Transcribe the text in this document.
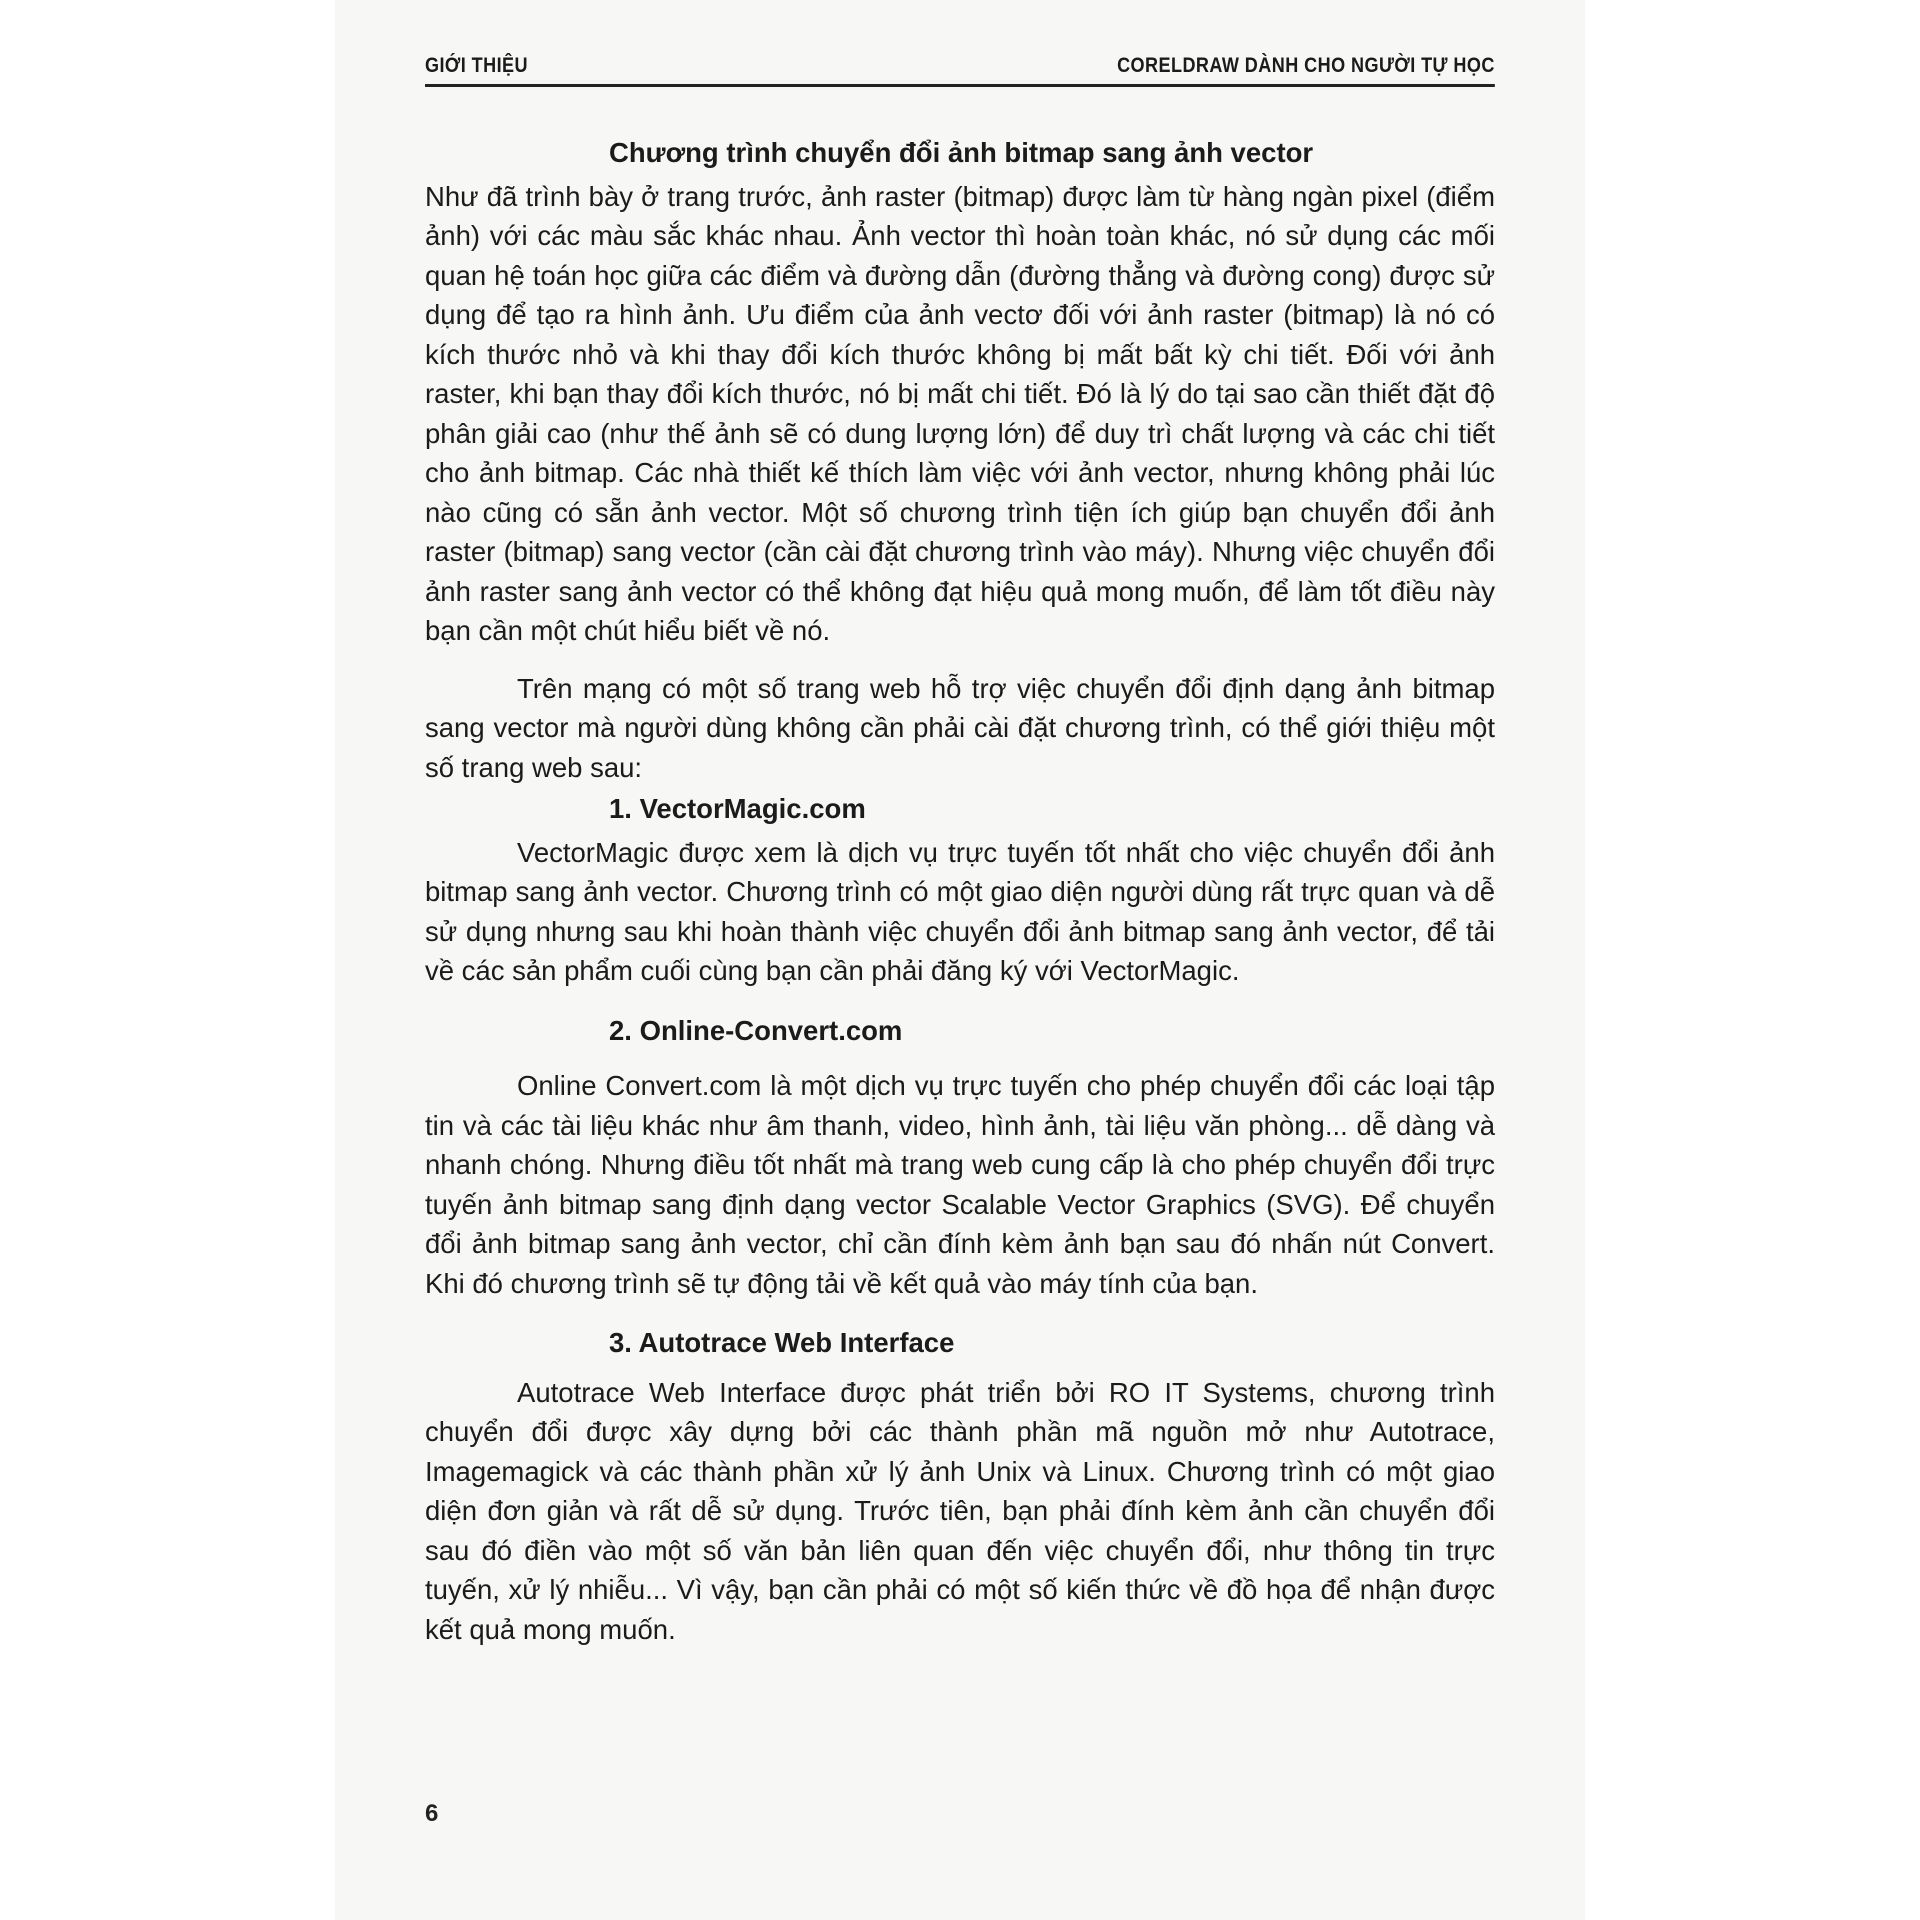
GIỚI THIỆU	CORELDRAW DÀNH CHO NGƯỜI TỰ HỌC

Chương trình chuyển đổi ảnh bitmap sang ảnh vector

Như đã trình bày ở trang trước, ảnh raster (bitmap) được làm từ hàng ngàn pixel (điểm ảnh) với các màu sắc khác nhau. Ảnh vector thì hoàn toàn khác, nó sử dụng các mối quan hệ toán học giữa các điểm và đường dẫn (đường thẳng và đường cong) được sử dụng để tạo ra hình ảnh. Ưu điểm của ảnh vectơ đối với ảnh raster (bitmap) là nó có kích thước nhỏ và khi thay đổi kích thước không bị mất bất kỳ chi tiết. Đối với ảnh raster, khi bạn thay đổi kích thước, nó bị mất chi tiết. Đó là lý do tại sao cần thiết đặt độ phân giải cao (như thế ảnh sẽ có dung lượng lớn) để duy trì chất lượng và các chi tiết cho ảnh bitmap. Các nhà thiết kế thích làm việc với ảnh vector, nhưng không phải lúc nào cũng có sẵn ảnh vector. Một số chương trình tiện ích giúp bạn chuyển đổi ảnh raster (bitmap) sang vector (cần cài đặt chương trình vào máy). Nhưng việc chuyển đổi ảnh raster sang ảnh vector có thể không đạt hiệu quả mong muốn, để làm tốt điều này bạn cần một chút hiểu biết về nó.

Trên mạng có một số trang web hỗ trợ việc chuyển đổi định dạng ảnh bitmap sang vector mà người dùng không cần phải cài đặt chương trình, có thể giới thiệu một số trang web sau:

1. VectorMagic.com

VectorMagic được xem là dịch vụ trực tuyến tốt nhất cho việc chuyển đổi ảnh bitmap sang ảnh vector. Chương trình có một giao diện người dùng rất trực quan và dễ sử dụng nhưng sau khi hoàn thành việc chuyển đổi ảnh bitmap sang ảnh vector, để tải về các sản phẩm cuối cùng bạn cần phải đăng ký với VectorMagic.

2. Online-Convert.com

Online Convert.com là một dịch vụ trực tuyến cho phép chuyển đổi các loại tập tin và các tài liệu khác như âm thanh, video, hình ảnh, tài liệu văn phòng... dễ dàng và nhanh chóng. Nhưng điều tốt nhất mà trang web cung cấp là cho phép chuyển đổi trực tuyến ảnh bitmap sang định dạng vector Scalable Vector Graphics (SVG). Để chuyển đổi ảnh bitmap sang ảnh vector, chỉ cần đính kèm ảnh bạn sau đó nhấn nút Convert. Khi đó chương trình sẽ tự động tải về kết quả vào máy tính của bạn.

3. Autotrace Web Interface

Autotrace Web Interface được phát triển bởi RO IT Systems, chương trình chuyển đổi được xây dựng bởi các thành phần mã nguồn mở như Autotrace, Imagemagick và các thành phần xử lý ảnh Unix và Linux. Chương trình có một giao diện đơn giản và rất dễ sử dụng. Trước tiên, bạn phải đính kèm ảnh cần chuyển đổi sau đó điền vào một số văn bản liên quan đến việc chuyển đổi, như thông tin trực tuyến, xử lý nhiễu... Vì vậy, bạn cần phải có một số kiến thức về đồ họa để nhận được kết quả mong muốn.

6
